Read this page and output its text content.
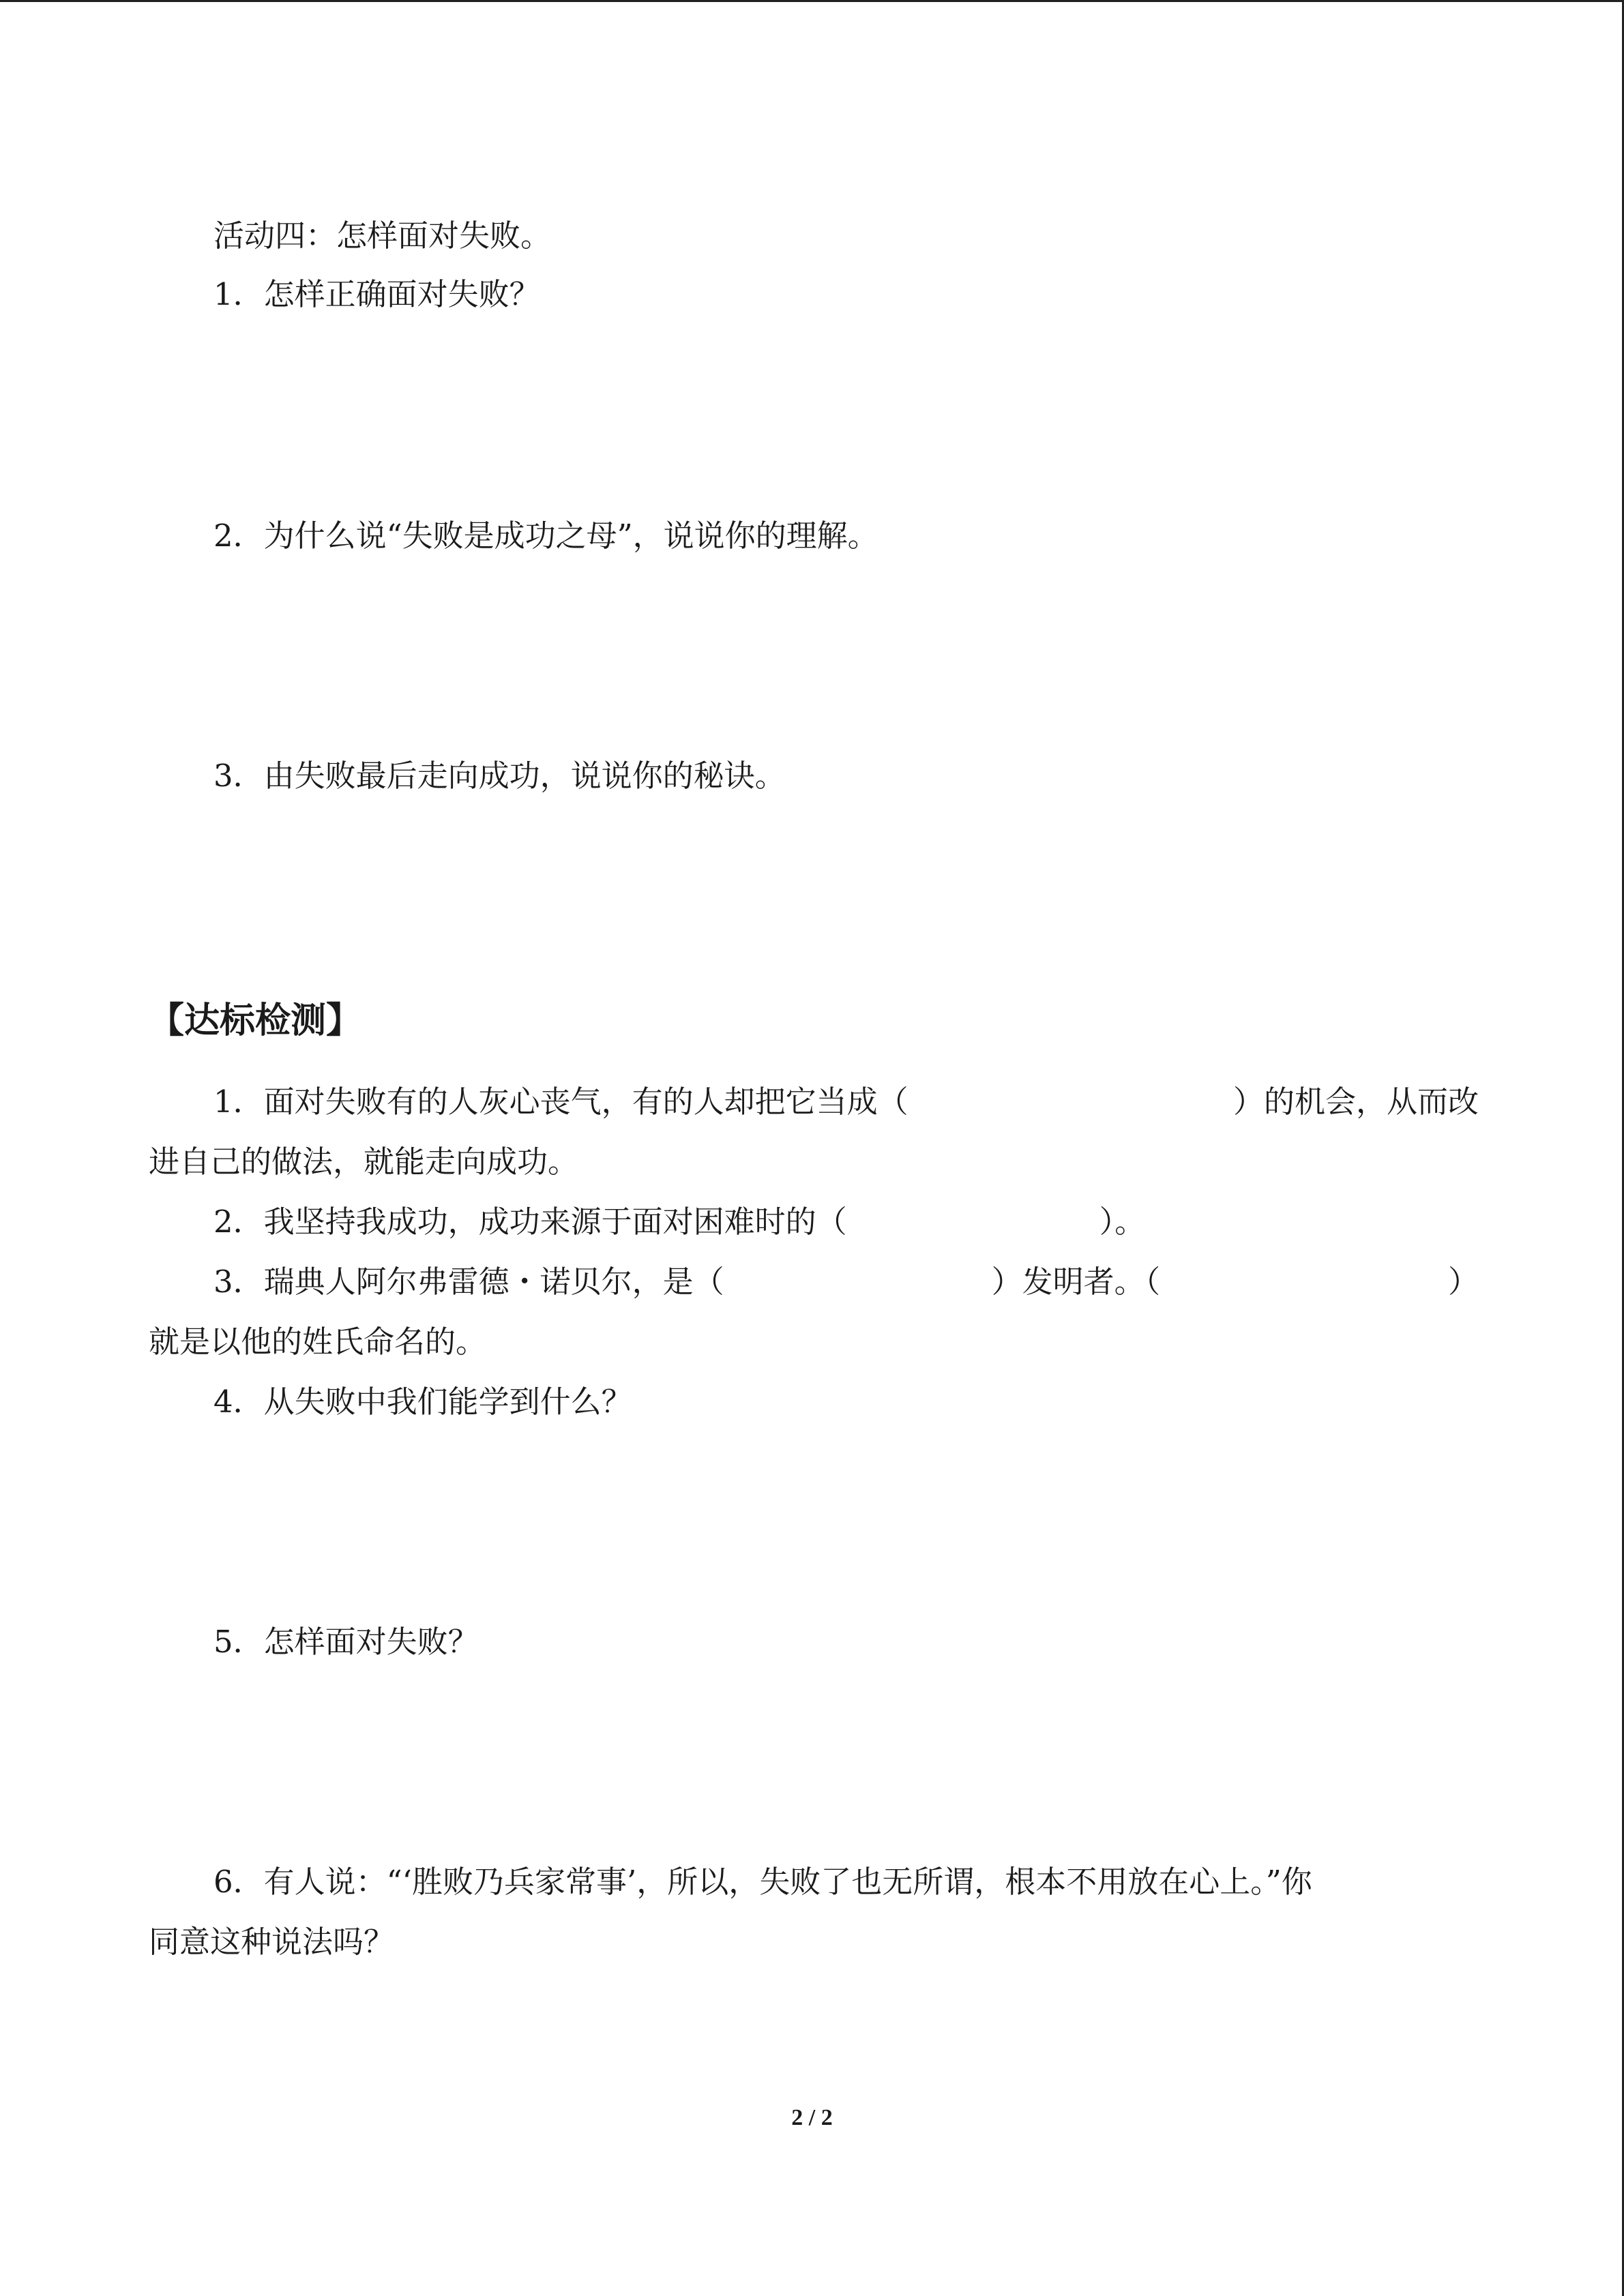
活动四：怎样面对失败。
1．怎样正确面对失败？
2．为什么说“失败是成功之母”，说说你的理解。
3．由失败最后走向成功，说说你的秘诀。
【达标检测】
1．面对失败有的人灰心丧气，有的人却把它当成（	）的机会，从而改
进自己的做法，就能走向成功。
2．我坚持我成功，成功来源于面对困难时的（	）。
3．瑞典人阿尔弗雷德・诺贝尔，是（	）发明者。（	）
就是以他的姓氏命名的。
4．从失败中我们能学到什么？
5．怎样面对失败？
6．有人说：“‘胜败乃兵家常事’，所以，失败了也无所谓，根本不用放在心上。”你
同意这种说法吗？
2 / 2
